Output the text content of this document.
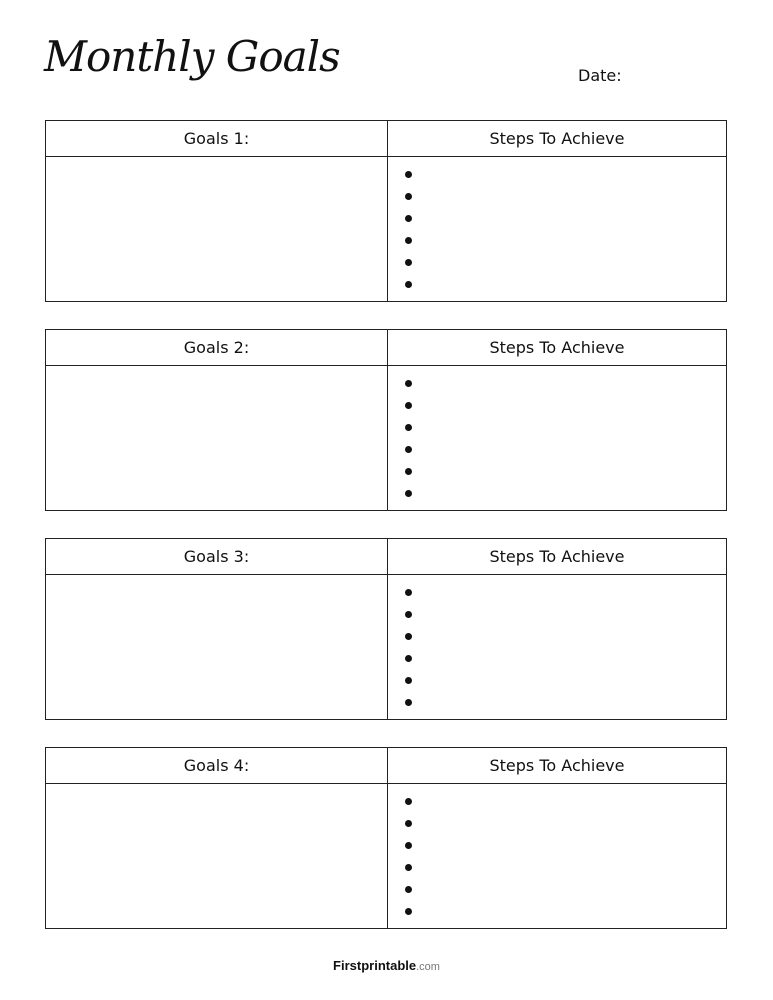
Monthly Goals	Date:
Goals 1:	Steps To Achieve
Goals 2:	Steps To Achieve
Goals 3:	Steps To Achieve
Goals 4:	Steps To Achieve
Firstprintable.com
